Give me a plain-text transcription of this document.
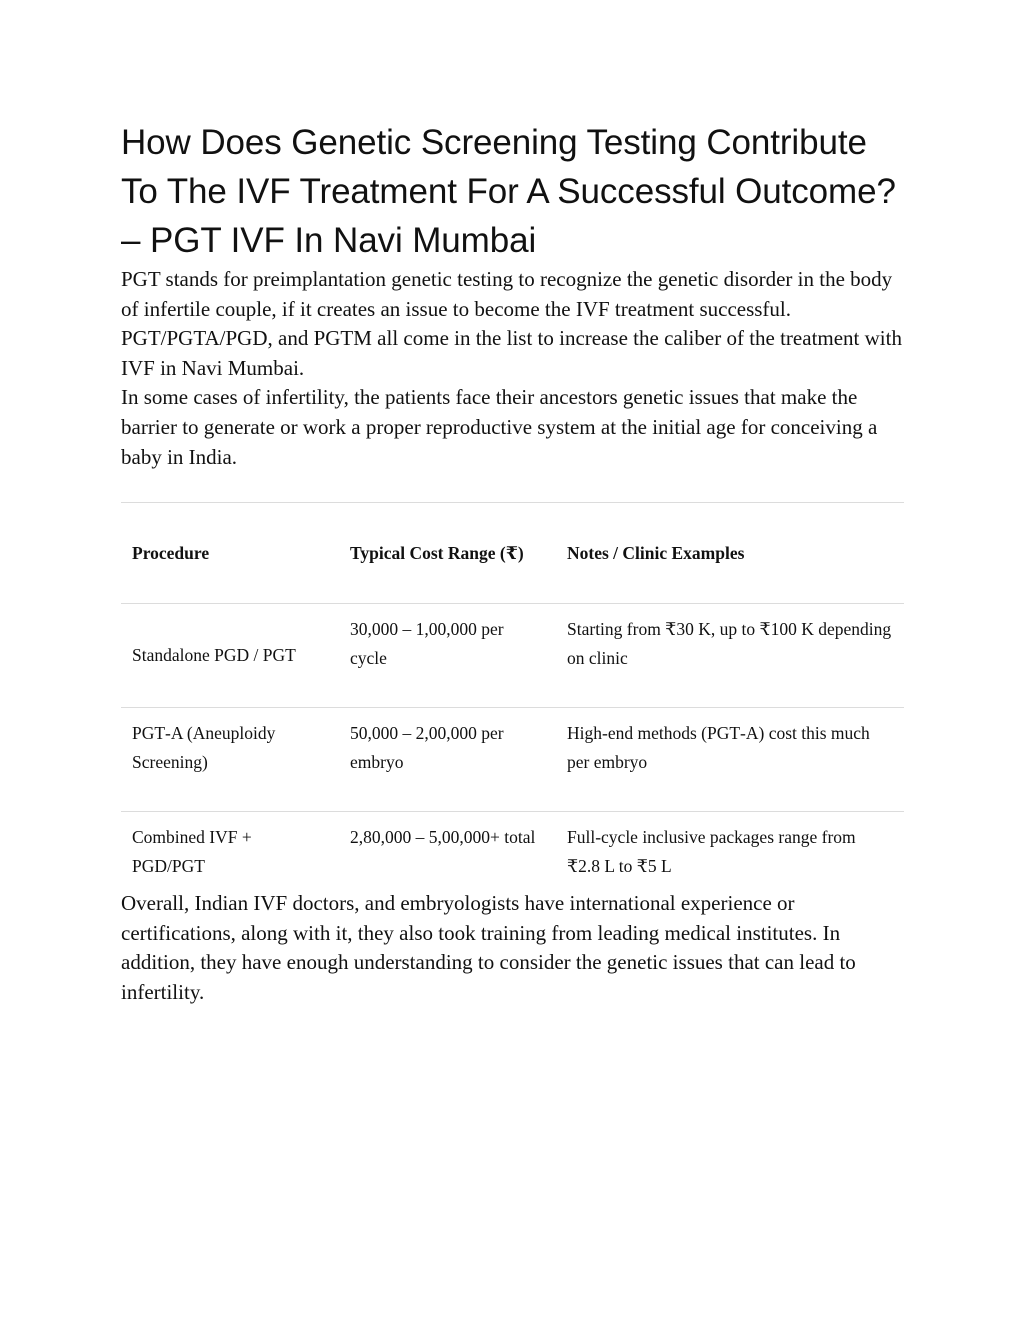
How Does Genetic Screening Testing Contribute To The IVF Treatment For A Successful Outcome? – PGT IVF In Navi Mumbai

PGT stands for preimplantation genetic testing to recognize the genetic disorder in the body of infertile couple, if it creates an issue to become the IVF treatment successful. PGT/PGTA/PGD, and PGTM all come in the list to increase the caliber of the treatment with IVF in Navi Mumbai.

In some cases of infertility, the patients face their ancestors genetic issues that make the barrier to generate or work a proper reproductive system at the initial age for conceiving a baby in India.

Procedure	Typical Cost Range (₹)	Notes / Clinic Examples
Standalone PGD / PGT	30,000 – 1,00,000 per cycle	Starting from ₹30 K, up to ₹100 K depending on clinic
PGT‑A (Aneuploidy Screening)	50,000 – 2,00,000 per embryo	High‑end methods (PGT‑A) cost this much per embryo
Combined IVF + PGD/PGT	2,80,000 – 5,00,000+ total	Full‑cycle inclusive packages range from ₹2.8 L to ₹5 L

Overall, Indian IVF doctors, and embryologists have international experience or certifications, along with it, they also took training from leading medical institutes. In addition, they have enough understanding to consider the genetic issues that can lead to infertility.
